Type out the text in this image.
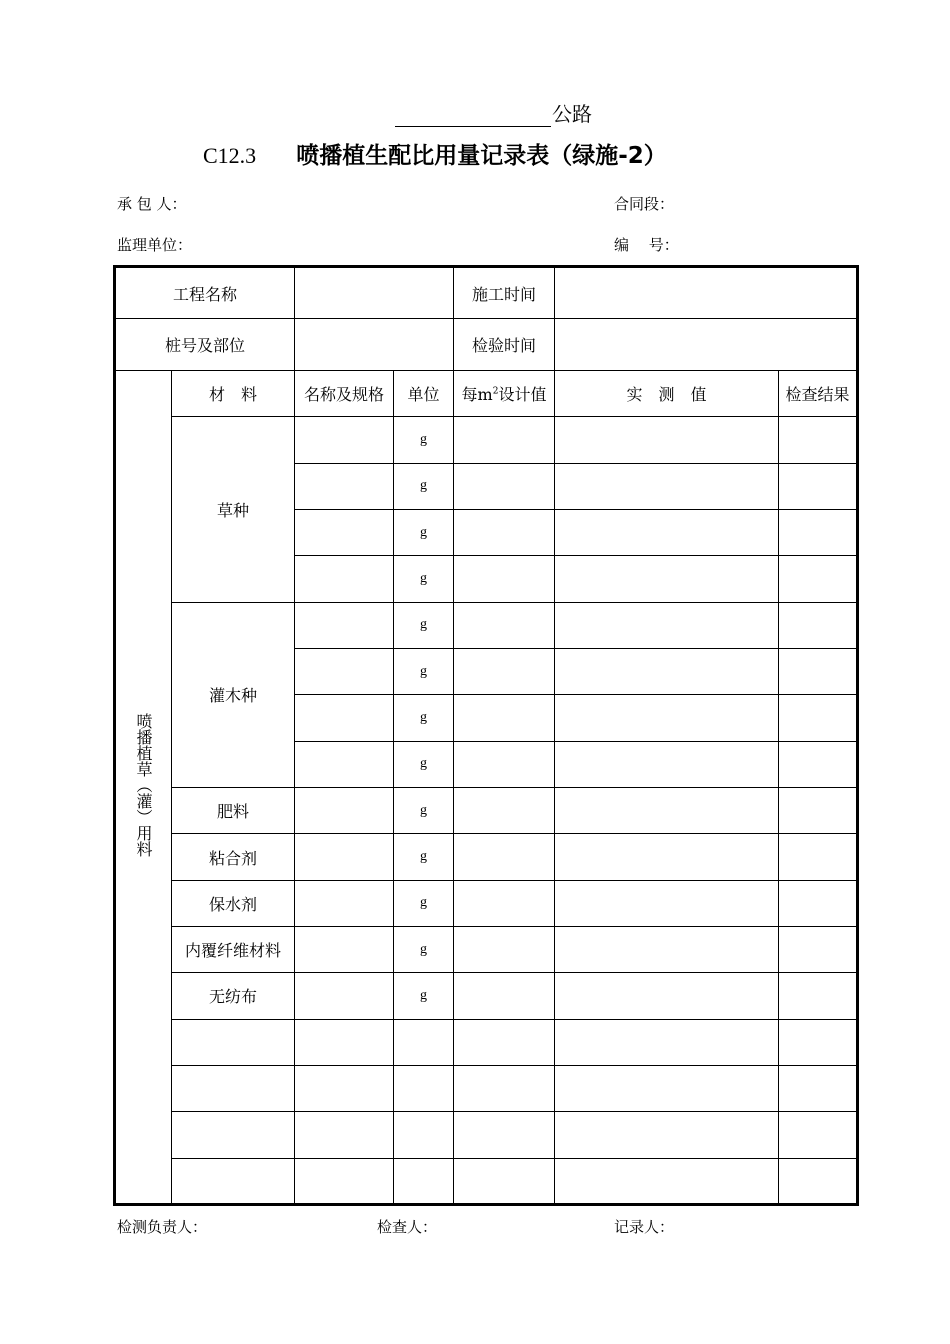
公路
C12.3 喷播植生配比用量记录表（绿施-2）
承 包 人：	合同段：
监理单位：	编　 号：
工程名称				施工时间		
桩号及部位				检验时间		
喷播植草（灌）用料	材　料	名称及规格	单位	每$m^2$设计值	实　测　值	检查结果
	草种		g			
			g			
			g			
			g			
	灌木种		g			
			g			
			g			
			g			
	肥料		g			
	粘合剂		g			
	保水剂		g			
	内覆纤维材料		g			
	无纺布		g			

检测负责人：	检查人：	记录人：
